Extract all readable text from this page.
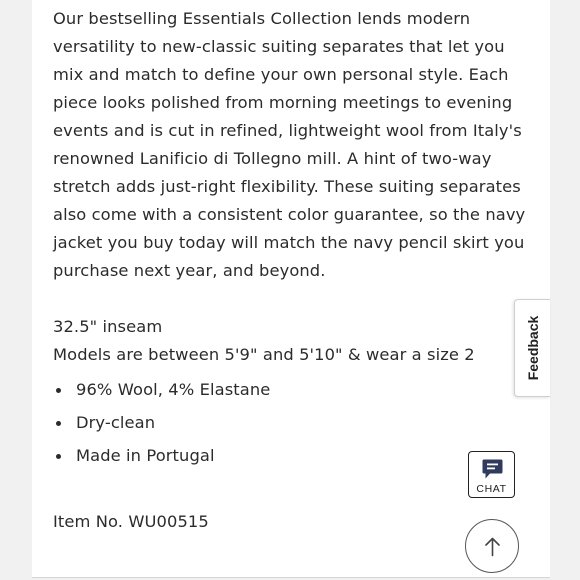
Our bestselling Essentials Collection lends modern versatility to new-classic suiting separates that let you mix and match to define your own personal style. Each piece looks polished from morning meetings to evening events and is cut in refined, lightweight wool from Italy's renowned Lanificio di Tollegno mill. A hint of two-way stretch adds just-right flexibility. These suiting separates also come with a consistent color guarantee, so the navy jacket you buy today will match the navy pencil skirt you purchase next year, and beyond.

32.5" inseam
Models are between 5'9" and 5'10" & wear a size 2
96% Wool, 4% Elastane
Dry-clean
Made in Portugal

Item No. WU00515

Feedback
CHAT
